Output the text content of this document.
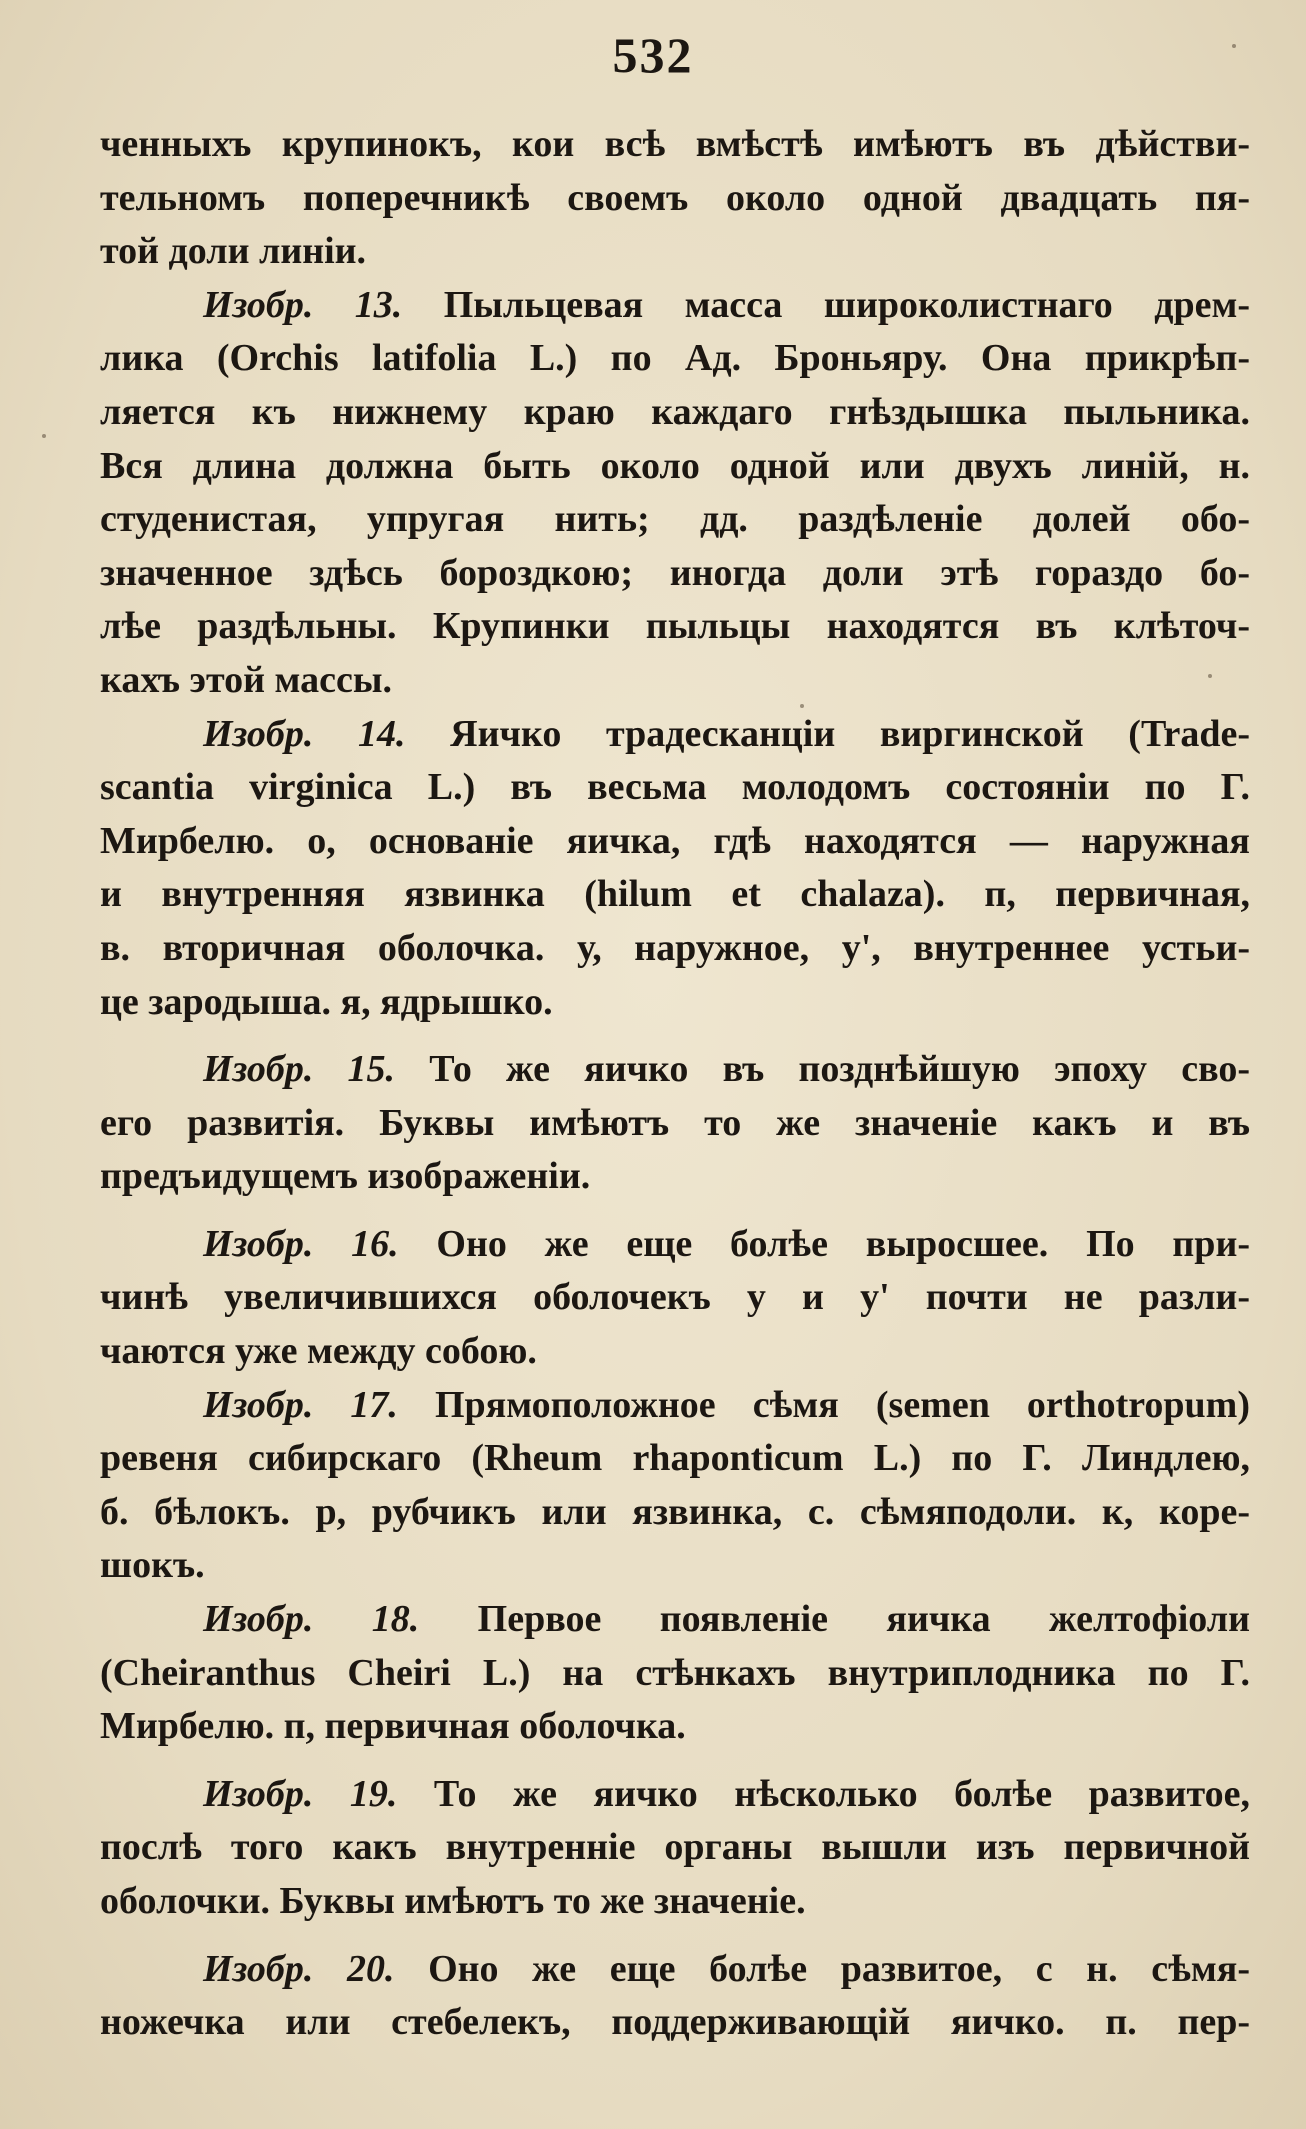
532
ченныхъ крупинокъ, кои всѣ вмѣстѣ имѣютъ въ дѣйстви-
тельномъ поперечникѣ своемъ около одной двадцать пя-
той доли линіи.
Изобр. 13. Пыльцевая масса широколистнаго дрем-
лика (Orchis latifolia L.) по Ад. Броньяру. Она прикрѣп-
ляется къ нижнему краю каждаго гнѣздышка пыльника.
Вся длина должна быть около одной или двухъ линій, н.
студенистая, упругая нить; дд. раздѣленіе долей обо-
значенное здѣсь бороздкою; иногда доли этѣ гораздо бо-
лѣе раздѣльны. Крупинки пыльцы находятся въ клѣточ-
кахъ этой массы.
Изобр. 14. Яичко традесканціи виргинской (Trade-
scantia virginica L.) въ весьма молодомъ состояніи по Г.
Мирбелю. о, основаніе яичка, гдѣ находятся — наружная
и внутренняя язвинка (hilum et chalaza). п, первичная,
в. вторичная оболочка. у, наружное, у', внутреннее устьи-
це зародыша. я, ядрышко.
Изобр. 15. То же яичко въ позднѣйшую эпоху сво-
его развитія. Буквы имѣютъ то же значеніе какъ и въ
предъидущемъ изображеніи.
Изобр. 16. Оно же еще болѣе выросшее. По при-
чинѣ увеличившихся оболочекъ у и у' почти не разли-
чаются уже между собою.
Изобр. 17. Прямоположное сѣмя (semen orthotropum)
ревеня сибирскаго (Rheum rhaponticum L.) по Г. Линдлею,
б. бѣлокъ. р, рубчикъ или язвинка, с. сѣмяподоли. к, коре-
шокъ.
Изобр. 18. Первое появленіе яичка желтофіоли
(Cheiranthus Cheiri L.) на стѣнкахъ внутриплодника по Г.
Мирбелю. п, первичная оболочка.
Изобр. 19. То же яичко нѣсколько болѣе развитое,
послѣ того какъ внутренніе органы вышли изъ первичной
оболочки. Буквы имѣютъ то же значеніе.
Изобр. 20. Оно же еще болѣе развитое, с н. сѣмя-
ножечка или стебелекъ, поддерживающій яичко. п. пер-
